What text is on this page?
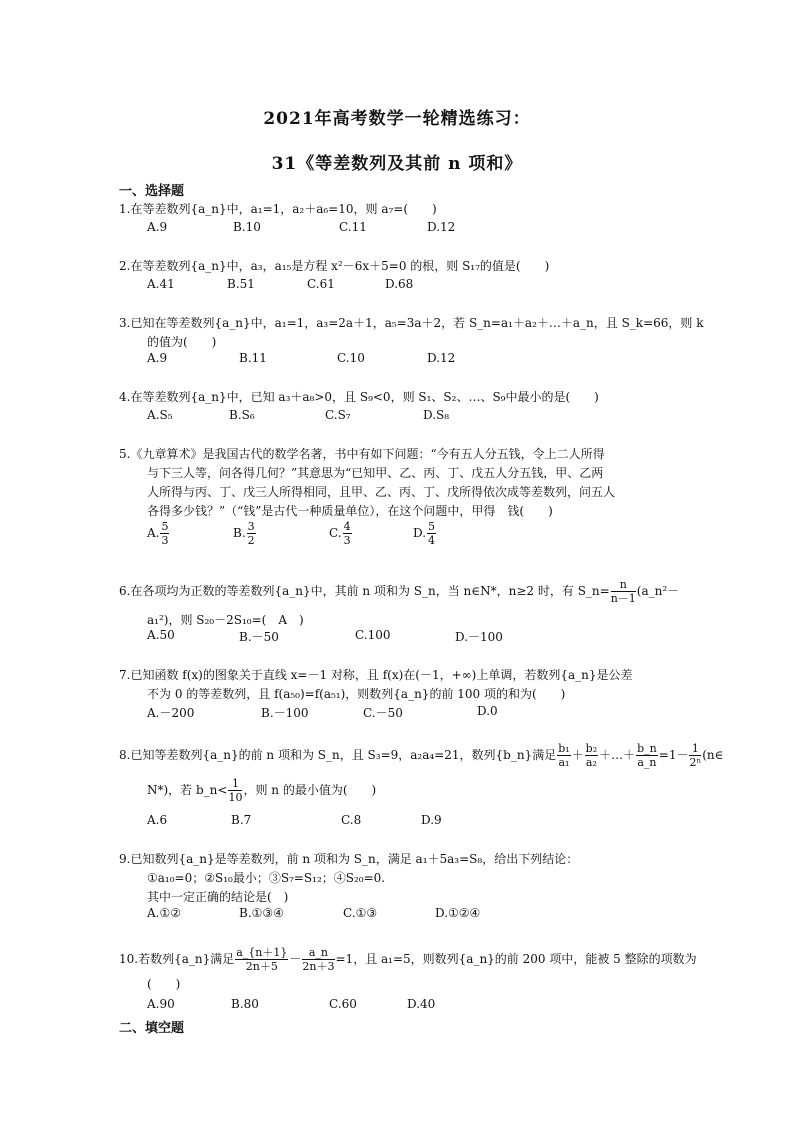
2021年高考数学一轮精选练习：
31《等差数列及其前 n 项和》
一、选择题
1.在等差数列{a_n}中，a₁=1，a₂＋a₆=10，则 a₇=(　　)
A.9	B.10	C.11	D.12
2.在等差数列{a_n}中，a₃，a₁₅是方程 x²－6x＋5=0 的根，则 S₁₇的值是(　　)
A.41	B.51	C.61	D.68
3.已知在等差数列{a_n}中，a₁=1，a₃=2a＋1，a₅=3a＋2，若 S_n=a₁＋a₂＋…＋a_n，且 S_k=66，则 k
的值为(　　)
A.9	B.11	C.10	D.12
4.在等差数列{a_n}中，已知 a₃＋a₈>0，且 S₉<0，则 S₁、S₂、…、S₉中最小的是(　　)
A.S₅	B.S₆	C.S₇	D.S₈
5.《九章算术》是我国古代的数学名著，书中有如下问题：“今有五人分五钱，令上二人所得
与下三人等，问各得几何？”其意思为“已知甲、乙、丙、丁、戊五人分五钱，甲、乙两
人所得与丙、丁、戊三人所得相同，且甲、乙、丙、丁、戊所得依次成等差数列，问五人
各得多少钱？”（“钱”是古代一种质量单位），在这个问题中，甲得　钱(　　)
A. $\frac{5}{3}$	B. $\frac{3}{2}$	C. $\frac{4}{3}$	D. $\frac{5}{4}$
6.在各项均为正数的等差数列{a_n}中，其前 n 项和为 S_n，当 n∈N*，n≥2 时，有 S_n= $\frac{n}{n-1}$ (a_n²－
a₁²)，则 S₂₀－2S₁₀=(　A　)
A.50	B.－50	C.100	D.－100
7.已知函数 f(x)的图象关于直线 x=－1 对称，且 f(x)在(－1，+∞)上单调，若数列{a_n}是公差
不为 0 的等差数列，且 f(a₅₀)=f(a₅₁)，则数列{a_n}的前 100 项的和为(　　)
A.－200	B.－100	C.－50	D.0
8.已知等差数列{a_n}的前 n 项和为 S_n，且 S₃=9，a₂a₄=21，数列{b_n}满足 $\frac{\text{b₁}}{\text{a₁}} + \frac{\text{b₂}}{\text{a₂}}$ ＋…＋ $\frac{b\_n}{a\_n} =1- \frac{1}{\text{2ⁿ}}$ (n∈
N*)，若 b_n< $\frac{1}{10}$ ，则 n 的最小值为(　　)
A.6	B.7	C.8	D.9
9.已知数列{a_n}是等差数列，前 n 项和为 S_n，满足 a₁＋5a₃=S₈，给出下列结论：
①a₁₀=0；②S₁₀最小；③S₇=S₁₂；④S₂₀=0.
其中一定正确的结论是(　)
A.①②	B.①③④	C.①③	D.①②④
10.若数列{a_n}满足 $\frac{a\_\{n+1\}}{2n+5} - \frac{a\_n}{2n+3} =1$，且 a₁=5，则数列{a_n}的前 200 项中，能被 5 整除的项数为
(　　)
A.90	B.80	C.60	D.40
二、填空题
